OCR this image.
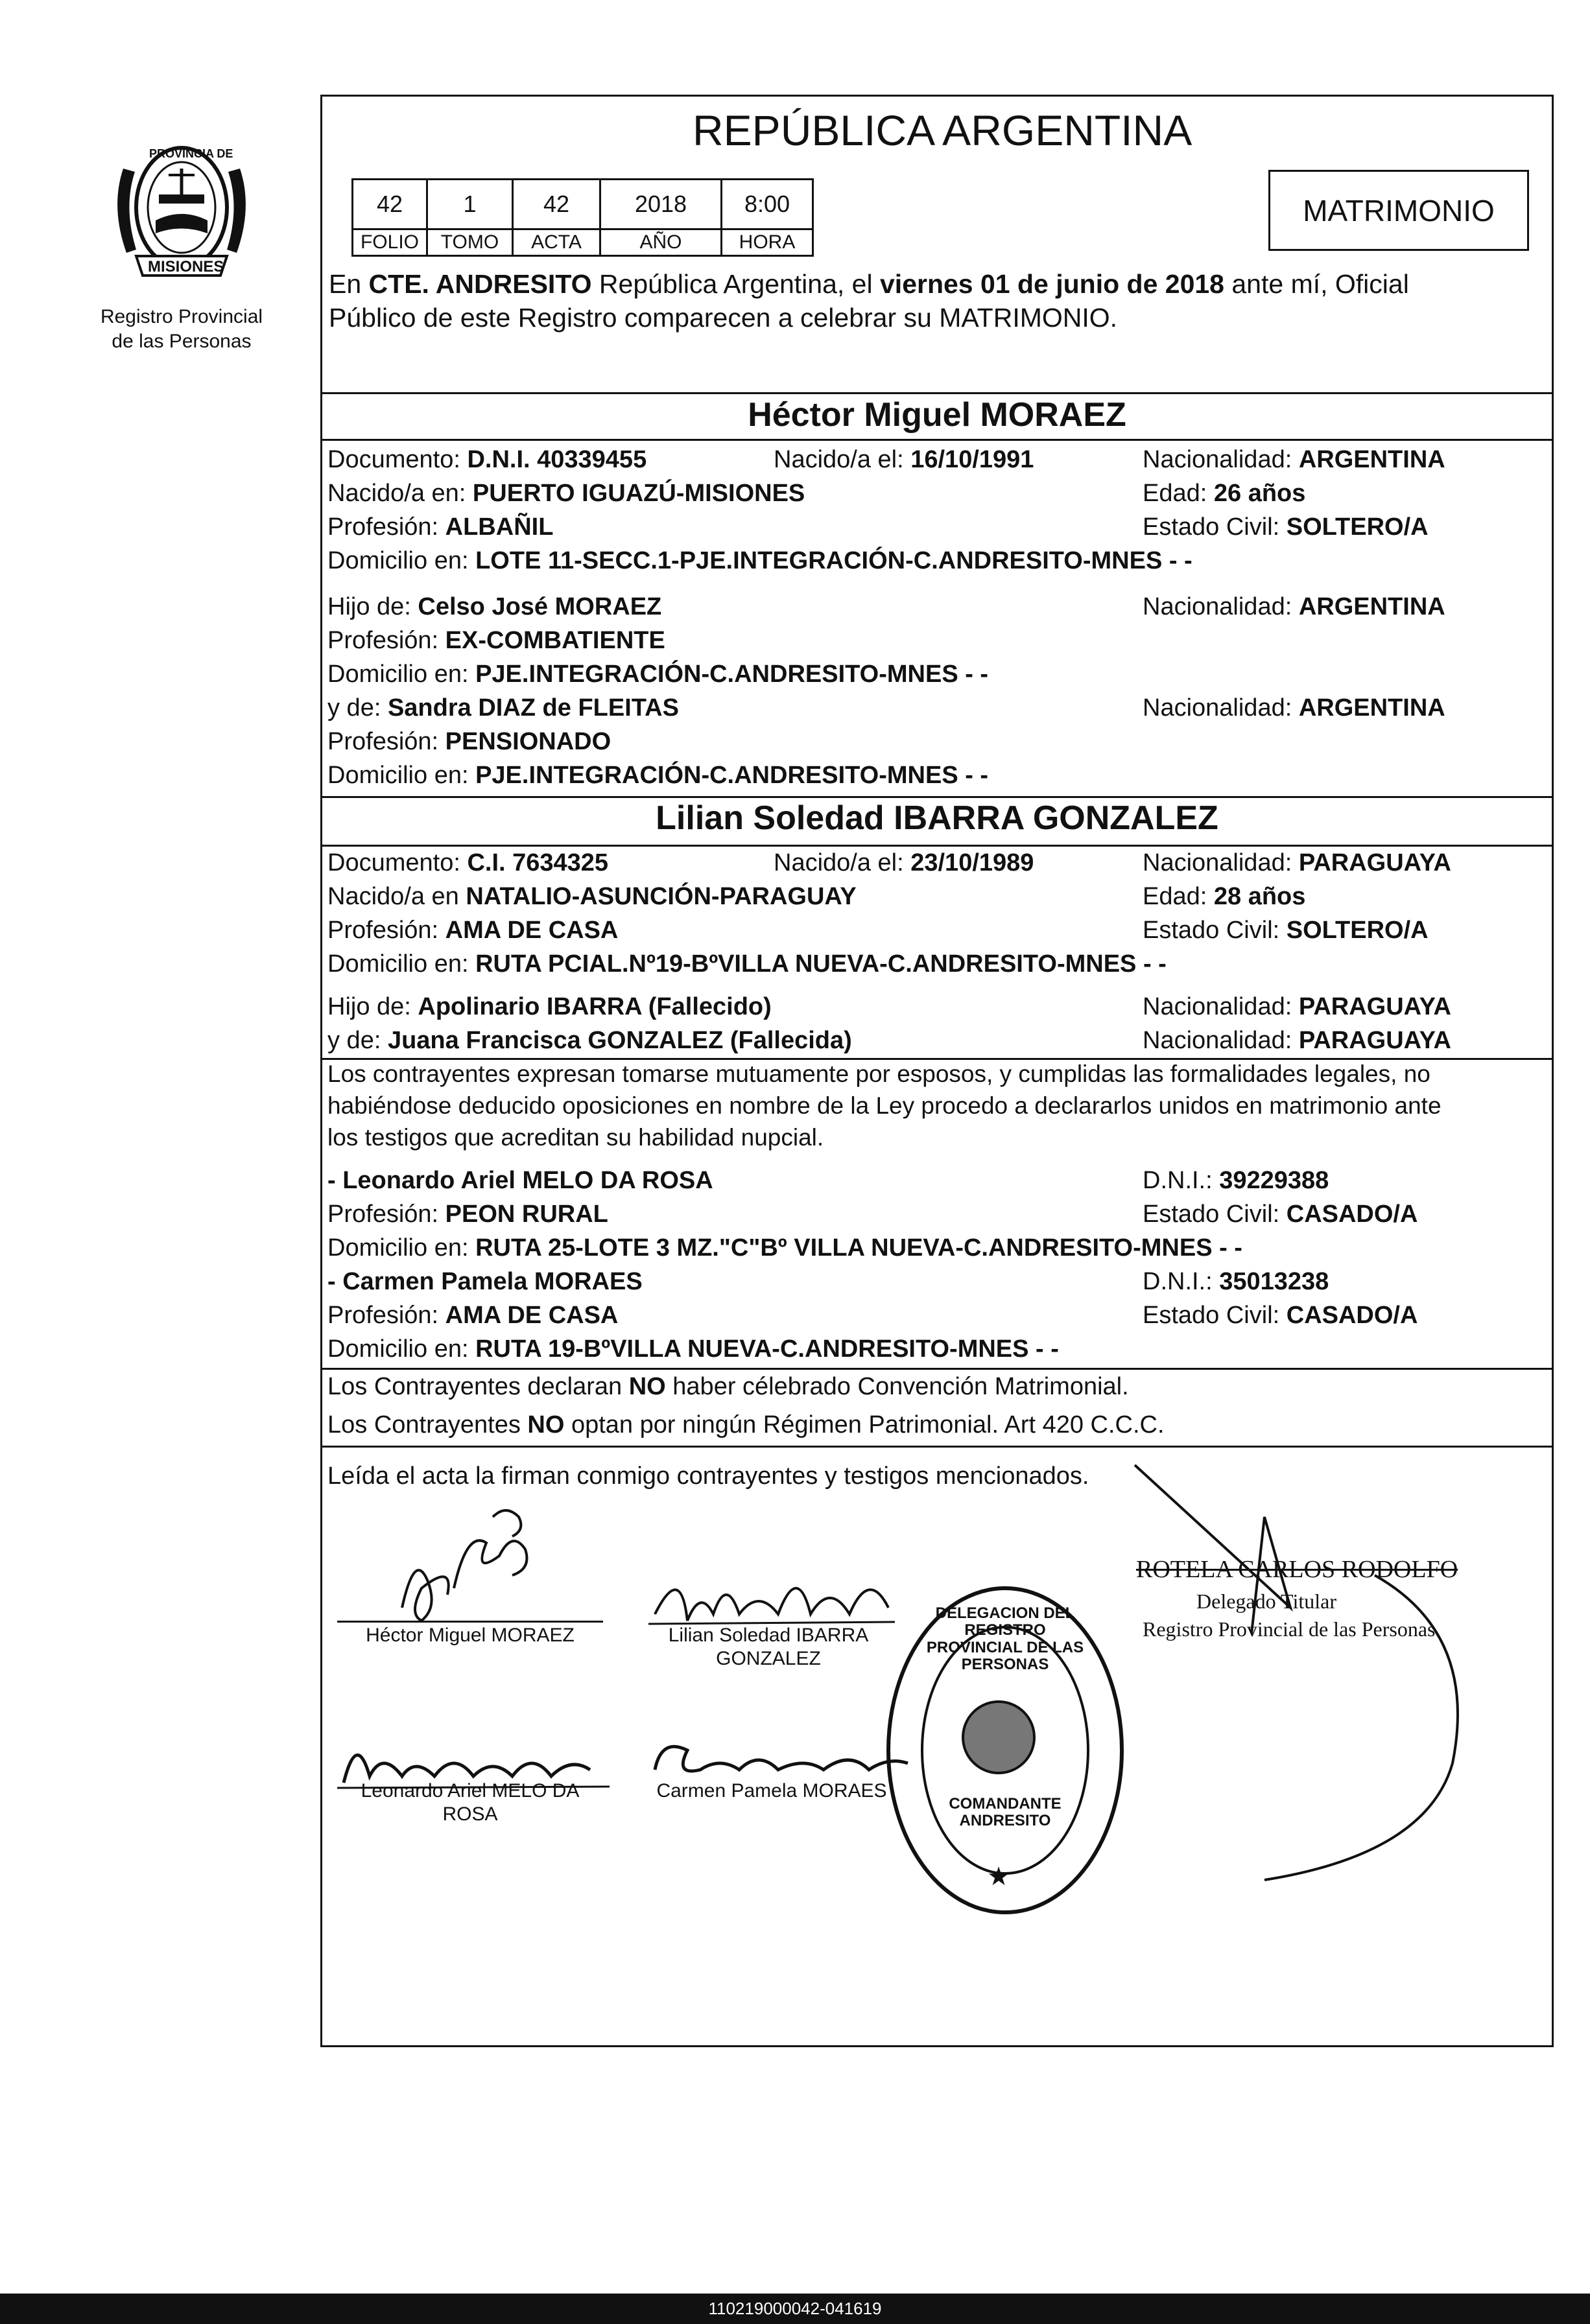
PROVINCIA DE
MISIONES
Registro Provincial
de las Personas
REPÚBLICA ARGENTINA
42	1	42	2018	8:00
FOLIO	TOMO	ACTA	AÑO	HORA
MATRIMONIO
En CTE. ANDRESITO República Argentina, el viernes 01 de junio de 2018 ante mí, Oficial
Público de este Registro comparecen a celebrar su MATRIMONIO.
Héctor Miguel MORAEZ
Documento: D.N.I. 40339455	Nacido/a el: 16/10/1991	Nacionalidad: ARGENTINA
Nacido/a en: PUERTO IGUAZÚ-MISIONES	Edad: 26 años
Profesión: ALBAÑIL	Estado Civil: SOLTERO/A
Domicilio en: LOTE 11-SECC.1-PJE.INTEGRACIÓN-C.ANDRESITO-MNES - -
Hijo de: Celso José MORAEZ	Nacionalidad: ARGENTINA
Profesión: EX-COMBATIENTE
Domicilio en: PJE.INTEGRACIÓN-C.ANDRESITO-MNES - -
y de: Sandra DIAZ de FLEITAS	Nacionalidad: ARGENTINA
Profesión: PENSIONADO
Domicilio en: PJE.INTEGRACIÓN-C.ANDRESITO-MNES - -
Lilian Soledad IBARRA GONZALEZ
Documento: C.I. 7634325	Nacido/a el: 23/10/1989	Nacionalidad: PARAGUAYA
Nacido/a en NATALIO-ASUNCIÓN-PARAGUAY	Edad: 28 años
Profesión: AMA DE CASA	Estado Civil: SOLTERO/A
Domicilio en: RUTA PCIAL.Nº19-BºVILLA NUEVA-C.ANDRESITO-MNES - -
Hijo de: Apolinario IBARRA (Fallecido)	Nacionalidad: PARAGUAYA
y de: Juana Francisca GONZALEZ (Fallecida)	Nacionalidad: PARAGUAYA
Los contrayentes expresan tomarse mutuamente por esposos, y cumplidas las formalidades legales, no
habiéndose deducido oposiciones en nombre de la Ley procedo a declararlos unidos en matrimonio ante
los testigos que acreditan su habilidad nupcial.
- Leonardo Ariel MELO DA ROSA	D.N.I.: 39229388
Profesión: PEON RURAL	Estado Civil: CASADO/A
Domicilio en: RUTA 25-LOTE 3 MZ."C"Bº VILLA NUEVA-C.ANDRESITO-MNES - -
- Carmen Pamela MORAES	D.N.I.: 35013238
Profesión: AMA DE CASA	Estado Civil: CASADO/A
Domicilio en: RUTA 19-BºVILLA NUEVA-C.ANDRESITO-MNES - -
Los Contrayentes declaran NO haber célebrado Convención Matrimonial.
Los Contrayentes NO optan por ningún Régimen Patrimonial. Art 420 C.C.C.
Leída el acta la firman conmigo contrayentes y testigos mencionados.
Héctor Miguel MORAEZ	Lilian Soledad IBARRA
GONZALEZ
Leonardo Ariel MELO DA
ROSA
Carmen Pamela MORAES
ROTELA CARLOS RODOLFO
Delegado Titular
Registro Provincial de las Personas
★
DELEGACION DEL REGISTRO PROVINCIAL DE LAS PERSONAS
COMANDANTE ANDRESITO
110219000042-041619
